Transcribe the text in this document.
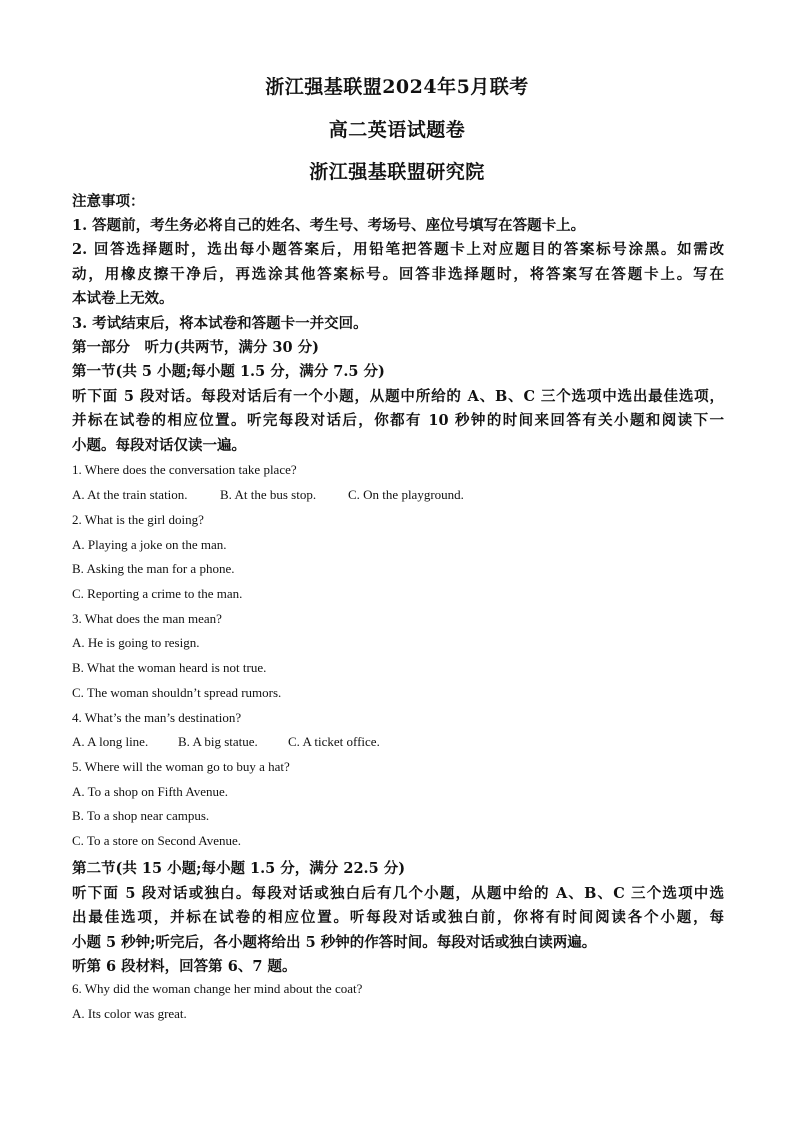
浙江强基联盟2024年5月联考
高二英语试题卷
浙江强基联盟研究院
注意事项：
1. 答题前，考生务必将自己的姓名、考生号、考场号、座位号填写在答题卡上。
2. 回答选择题时，选出每小题答案后，用铅笔把答题卡上对应题目的答案标号涂黑。如需改
动，用橡皮擦干净后，再选涂其他答案标号。回答非选择题时，将答案写在答题卡上。写在
本试卷上无效。
3. 考试结束后，将本试卷和答题卡一并交回。
第一部分　听力(共两节，满分 30 分)
第一节(共 5 小题;每小题 1.5 分，满分 7.5 分)
听下面 5 段对话。每段对话后有一个小题，从题中所给的 A、B、C 三个选项中选出最佳选项，
并标在试卷的相应位置。听完每段对话后，你都有 10 秒钟的时间来回答有关小题和阅读下一
小题。每段对话仅读一遍。
1. Where does the conversation take place?
A. At the train station. B. At the bus stop. C. On the playground.
2. What is the girl doing?
A. Playing a joke on the man.
B. Asking the man for a phone.
C. Reporting a crime to the man.
3. What does the man mean?
A. He is going to resign.
B. What the woman heard is not true.
C. The woman shouldn’t spread rumors.
4. What’s the man’s destination?
A. A long line. B. A big statue. C. A ticket office.
5. Where will the woman go to buy a hat?
A. To a shop on Fifth Avenue.
B. To a shop near campus.
C. To a store on Second Avenue.
第二节(共 15 小题;每小题 1.5 分，满分 22.5 分)
听下面 5 段对话或独白。每段对话或独白后有几个小题，从题中给的 A、B、C 三个选项中选
出最佳选项，并标在试卷的相应位置。听每段对话或独白前，你将有时间阅读各个小题，每
小题 5 秒钟;听完后，各小题将给出 5 秒钟的作答时间。每段对话或独白读两遍。
听第 6 段材料，回答第 6、7 题。
6. Why did the woman change her mind about the coat?
A. Its color was great.
